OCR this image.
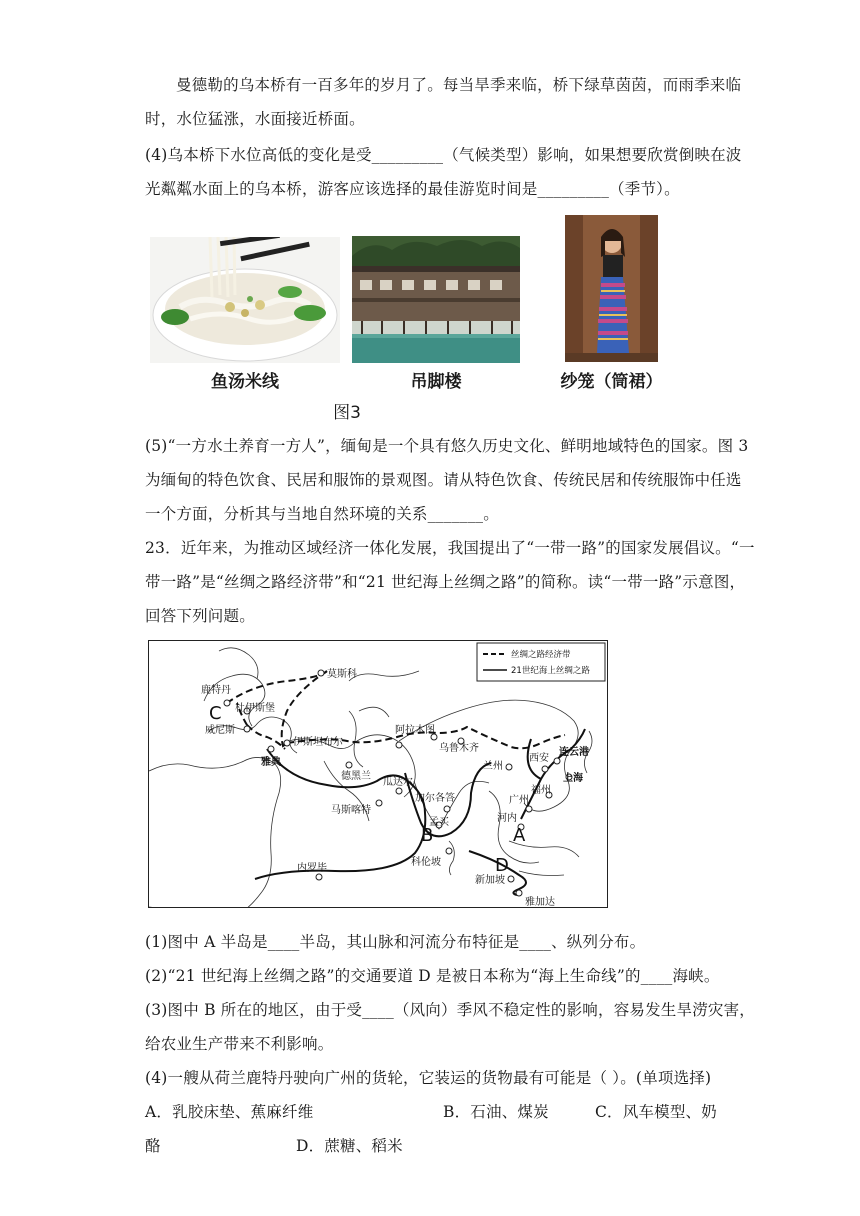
曼德勒的乌本桥有一百多年的岁月了。每当旱季来临，桥下绿草茵茵，而雨季来临
时，水位猛涨，水面接近桥面。
(4)乌本桥下水位高低的变化是受_________（气候类型）影响，如果想要欣赏倒映在波
光粼粼水面上的乌本桥，游客应该选择的最佳游览时间是_________（季节）。
鱼汤米线	吊脚楼	纱笼（筒裙）
图3
(5)“一方水土养育一方人”，缅甸是一个具有悠久历史文化、鲜明地域特色的国家。图 3
为缅甸的特色饮食、民居和服饰的景观图。请从特色饮食、传统民居和传统服饰中任选
一个方面，分析其与当地自然环境的关系_______。
23．近年来，为推动区域经济一体化发展，我国提出了“一带一路”的国家发展倡议。“一
带一路”是“丝绸之路经济带”和“21 世纪海上丝绸之路”的简称。读“一带一路”示意图，
回答下列问题。
莫斯科
鹿特丹
杜伊斯堡
威尼斯
伊斯坦布尔
雅典
阿拉木图
乌鲁木齐
兰州
西安
连云港
上海
德黑兰
瓜达尔
马斯喀特
加尔各答
孟买
福州
广州
河内
科伦坡
内罗毕
新加坡
雅加达
A
B
C
D
丝绸之路经济带
21世纪海上丝绸之路
(1)图中 A 半岛是____半岛，其山脉和河流分布特征是____、纵列分布。
(2)“21 世纪海上丝绸之路”的交通要道 D 是被日本称为“海上生命线”的____海峡。
(3)图中 B 所在的地区，由于受____（风向）季风不稳定性的影响，容易发生旱涝灾害，
给农业生产带来不利影响。
(4)一艘从荷兰鹿特丹驶向广州的货轮，它装运的货物最有可能是（ ）。(单项选择)
A．乳胶床垫、蕉麻纤维	B．石油、煤炭	C．风车模型、奶
酪	D．蔗糖、稻米
